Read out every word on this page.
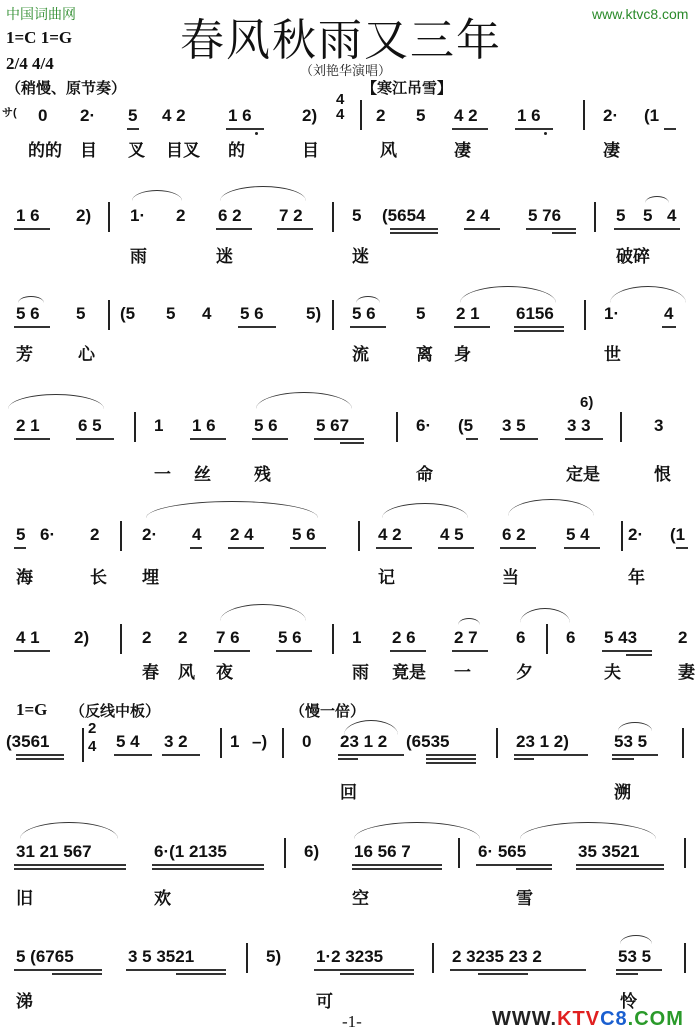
中国词曲网	www.ktvc8.com
春风秋雨又三年
（刘艳华演唱）
1=C 1=G
2/4 4/4
（稍慢、原节奏）	【寒江吊雪】
サ( 0 2· 5 4 2 1 6	2)
4
4 2 5 4 2 1 6	2· (1
的的 目 叉 目叉 的	目	风	凄	凄
1 6 2) 1· 2 6 2 7 2	5 (5654 2 4 5 76	5 5 4
雨	迷	迷	破碎
5 6 5 (5 5 4 5 6 5) 5 6 5 2 1 6156	1·	4
芳	心	流	离 身	世
2 1 6 5	1 1 6 5 6 5 67	6· (5 3 5 3 3
6)
3
一 丝	残	命	定是	恨
5 6· 2	2· 4 2 4 5 6	4 2 4 5 6 2 5 4 2· (1
海	长 埋	记	当	年
4 1 2)	2 2 7 6 5 6	1 2 6 2 7 6 6 5 43 2
春 风 夜	雨 竟是 一	夕	夫	妻
1=G （反线中板）	（慢一倍）
(3561
2
4 5 4 3 2 1 –) 0 23 1 2 (6535	23 1 2)	53 5
回	溯
31 21 567	6·(1 2135	6) 16 56 7	6· 565	35 3521
旧	欢	空	雪
5 (6765	3 5 3521	5) 1·2 3235	2 3235 23 2	53 5
涕	可	怜
-1-	WWW.KTVC8.COM
